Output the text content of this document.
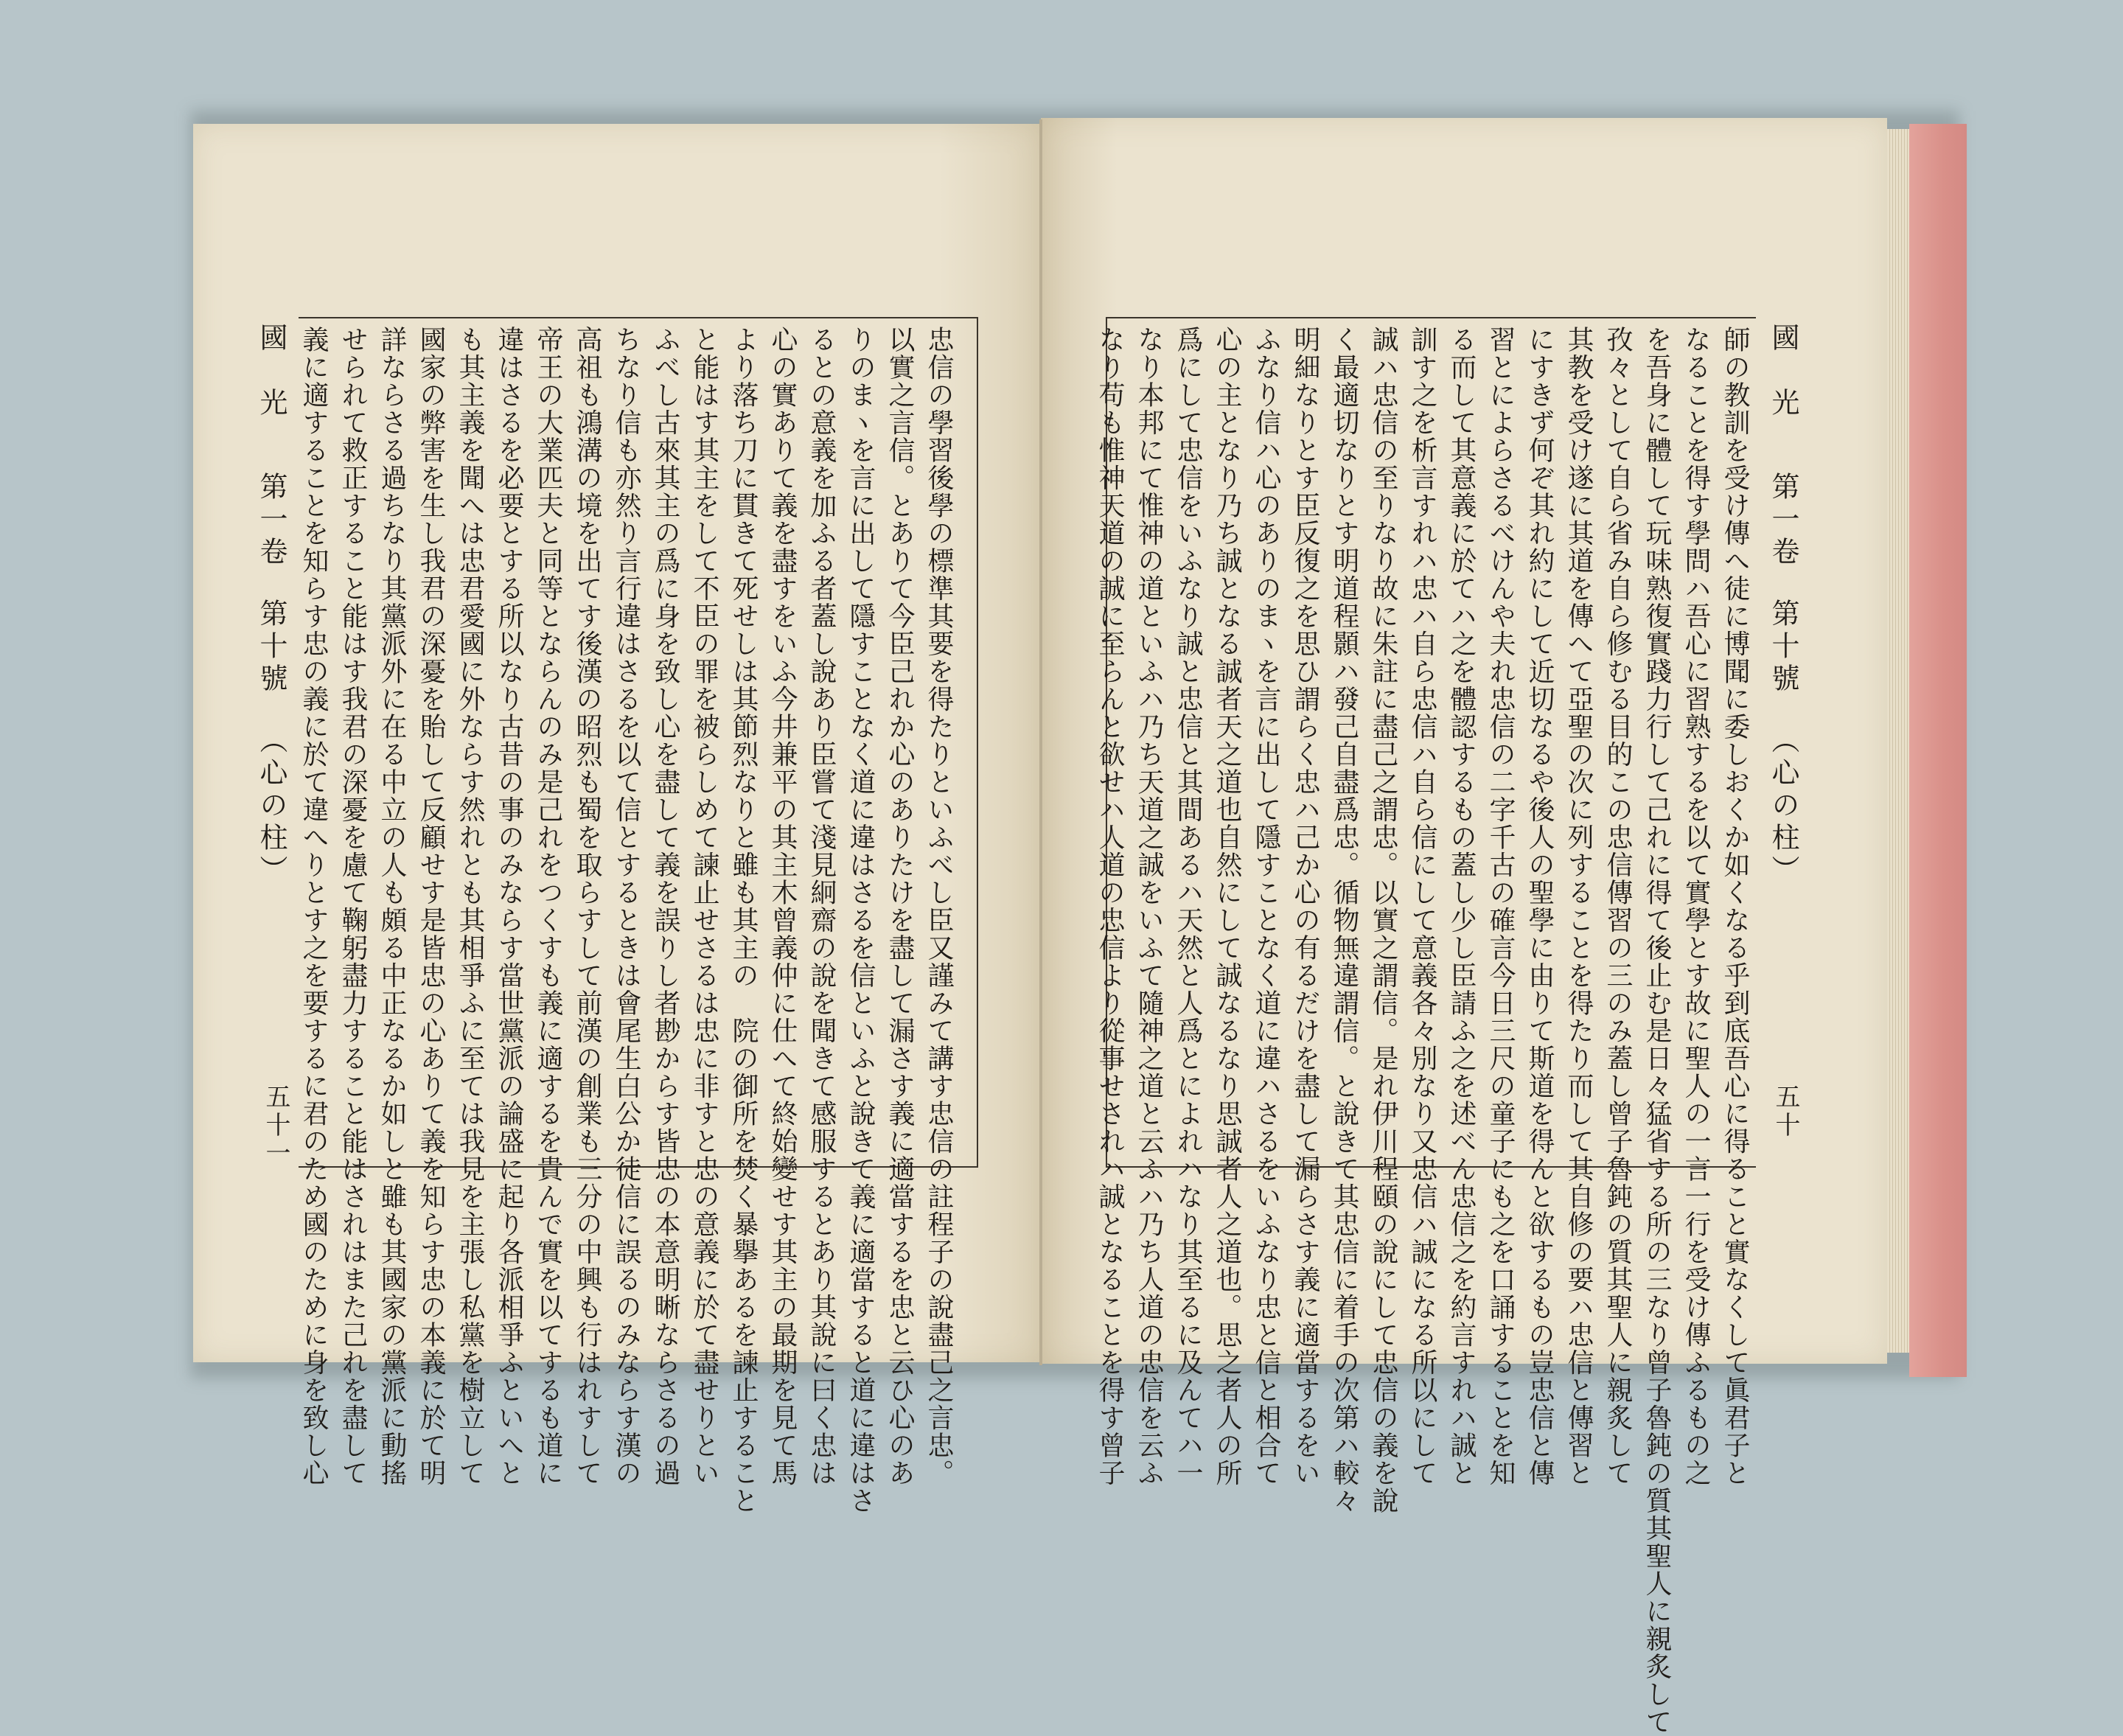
國　光第一卷第十號（心の柱）
五十一	忠信の學習後學の標準其要を得たりといふべし臣又謹みて講す忠信の註程子の說盡己之言忠。

以實之言信。とありて今臣己れか心のありたけを盡して漏さす義に適當するを忠と云ひ心のあ

りのまヽを言に出して隱すことなく道に違はさるを信といふと說きて義に適當すると道に違はさ

るとの意義を加ふる者蓋し說あり臣嘗て淺見絅齋の說を聞きて感服するとあり其說に曰く忠は

心の實ありて義を盡すをいふ今井兼平の其主木曾義仲に仕へて終始變せす其主の最期を見て馬

より落ち刀に貫きて死せしは其節烈なりと雖も其主の　院の御所を焚く暴擧あるを諫止すること

と能はす其主をして不臣の罪を被らしめて諫止せさるは忠に非すと忠の意義に於て盡せりとい

ふべし古來其主の爲に身を致し心を盡して義を誤りし者尠からす皆忠の本意明晰ならさるの過

ちなり信も亦然り言行違はさるを以て信とするときは會尾生白公か徒信に誤るのみならす漢の

高祖も鴻溝の境を出てす後漢の昭烈も蜀を取らすして前漢の創業も三分の中興も行はれすして

帝王の大業匹夫と同等とならんのみ是己れをつくすも義に適するを貴んで實を以てするも道に

違はさるを必要とする所以なり古昔の事のみならす當世黨派の論盛に起り各派相爭ふといへと

も其主義を聞へは忠君愛國に外ならす然れとも其相爭ふに至ては我見を主張し私黨を樹立して

國家の弊害を生し我君の深憂を貽して反顧せす是皆忠の心ありて義を知らす忠の本義に於て明

詳ならさる過ちなり其黨派外に在る中立の人も頗る中正なるか如しと雖も其國家の黨派に動搖

せられて救正すること能はす我君の深憂を慮て鞠躬盡力すること能はされはまた己れを盡して

義に適することを知らす忠の義に於て違へりとす之を要するに君のため國のために身を致し心	國　光第一卷第十號（心の柱）
五十

師の教訓を受け傳へ徒に博聞に委しおくか如くなる乎到底吾心に得ること實なくして眞君子と

なることを得す學問ハ吾心に習熟するを以て實學とす故に聖人の一言一行を受け傳ふるもの之

を吾身に體して玩味熟復實踐力行して己れに得て後止む是日々猛省する所の三なり曾子魯鈍の質其聖人に親炙して

孜々として自ら省み自ら修むる目的この忠信傳習の三のみ蓋し曾子魯鈍の質其聖人に親炙して

其教を受け遂に其道を傳へて亞聖の次に列することを得たり而して其自修の要ハ忠信と傳習と

にすきず何ぞ其れ約にして近切なるや後人の聖學に由りて斯道を得んと欲するもの豈忠信と傳

習とによらさるべけんや夫れ忠信の二字千古の確言今日三尺の童子にも之を口誦することを知

る而して其意義に於てハ之を體認するもの蓋し少し臣請ふ之を述べん忠信之を約言すれハ誠と

訓す之を析言すれハ忠ハ自ら忠信ハ自ら信にして意義各々別なり又忠信ハ誠になる所以にして

誠ハ忠信の至りなり故に朱註に盡己之謂忠。以實之謂信。是れ伊川程頤の說にして忠信の義を說

く最適切なりとす明道程顥ハ發己自盡爲忠。循物無違謂信。と說きて其忠信に着手の次第ハ較々

明細なりとす臣反復之を思ひ謂らく忠ハ己か心の有るだけを盡して漏らさす義に適當するをい

ふなり信ハ心のありのまヽを言に出して隱すことなく道に違ハさるをいふなり忠と信と相合て

心の主となり乃ち誠となる誠者天之道也自然にして誠なるなり思誠者人之道也。思之者人の所

爲にして忠信をいふなり誠と忠信と其間あるハ天然と人爲とによれハなり其至るに及んてハ一

なり本邦にて惟神の道といふハ乃ち天道之誠をいふて隨神之道と云ふハ乃ち人道の忠信を云ふ

なり苟も惟神天道の誠に至らんと欲せハ人道の忠信より從事せされハ誠となることを得す曾子
